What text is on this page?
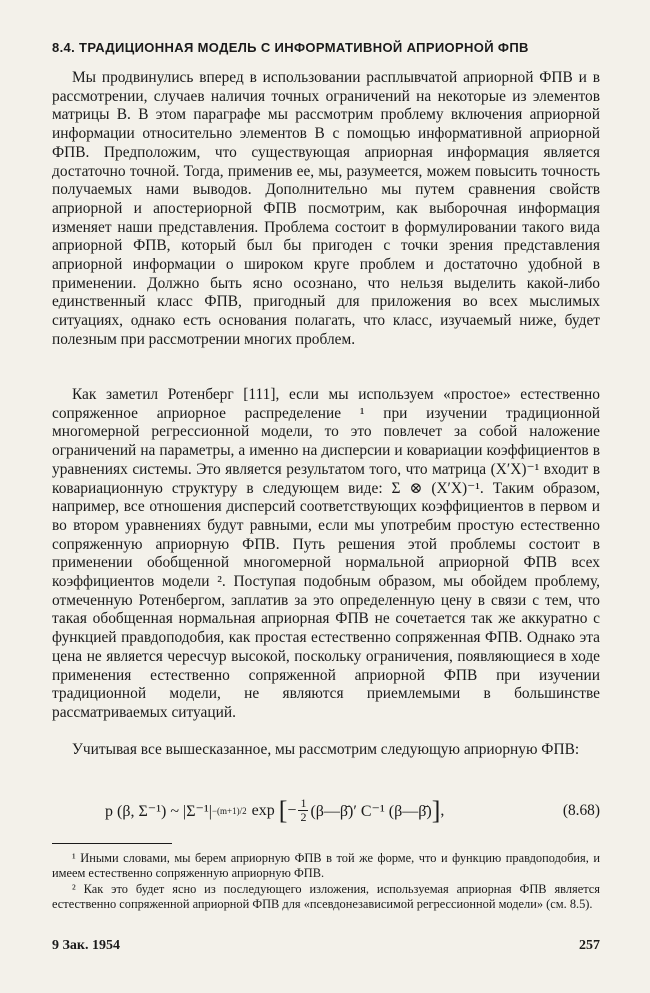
8.4. ТРАДИЦИОННАЯ МОДЕЛЬ С ИНФОРМАТИВНОЙ АПРИОРНОЙ ФПВ

Мы продвинулись вперед в использовании расплывчатой априорной ФПВ и в рассмотрении, случаев наличия точных ограничений на некоторые из элементов матрицы B. В этом параграфе мы рассмотрим проблему включения априорной информации относительно элементов B с помощью информативной априорной ФПВ. Предположим, что существующая априорная информация является достаточно точной. Тогда, применив ее, мы, разумеется, можем повысить точность получаемых нами выводов. Дополнительно мы путем сравнения свойств априорной и апостериорной ФПВ посмотрим, как выборочная информация изменяет наши представления. Проблема состоит в формулировании такого вида априорной ФПВ, который был бы пригоден с точки зрения представления априорной информации о широком круге проблем и достаточно удобной в применении. Должно быть ясно осознано, что нельзя выделить какой-либо единственный класс ФПВ, пригодный для приложения во всех мыслимых ситуациях, однако есть основания полагать, что класс, изучаемый ниже, будет полезным при рассмотрении многих проблем.

Как заметил Ротенберг [111], если мы используем «простое» естественно сопряженное априорное распределение ¹ при изучении традиционной многомерной регрессионной модели, то это повлечет за собой наложение ограничений на параметры, а именно на дисперсии и ковариации коэффициентов в уравнениях системы. Это является результатом того, что матрица (X′X)⁻¹ входит в ковариационную структуру в следующем виде: Σ ⊗ (X′X)⁻¹. Таким образом, например, все отношения дисперсий соответствующих коэффициентов в первом и во втором уравнениях будут равными, если мы употребим простую естественно сопряженную априорную ФПВ. Путь решения этой проблемы состоит в применении обобщенной многомерной нормальной априорной ФПВ всех коэффициентов модели ². Поступая подобным образом, мы обойдем проблему, отмеченную Ротенбергом, заплатив за это определенную цену в связи с тем, что такая обобщенная нормальная априорная ФПВ не сочетается так же аккуратно с функцией правдоподобия, как простая естественно сопряженная ФПВ. Однако эта цена не является чересчур высокой, поскольку ограничения, появляющиеся в ходе применения естественно сопряженной априорной ФПВ при изучении традиционной модели, не являются приемлемыми в большинстве рассматриваемых ситуаций.

Учитывая все вышесказанное, мы рассмотрим следующую априорную ФПВ:

p (β, Σ⁻¹) ~ |Σ⁻¹| −(m+1)/2 exp [ − $\frac{1}{2}$ (β—β̄)′ C⁻¹ (β—β̄) ] ,	(8.68)

¹ Иными словами, мы берем априорную ФПВ в той же форме, что и функцию правдоподобия, и имеем естественно сопряженную априорную ФПВ.

² Как это будет ясно из последующего изложения, используемая априорная ФПВ является естественно сопряженной априорной ФПВ для «псевдонезависимой регрессионной модели» (см. 8.5).

9 Зак. 1954	257
